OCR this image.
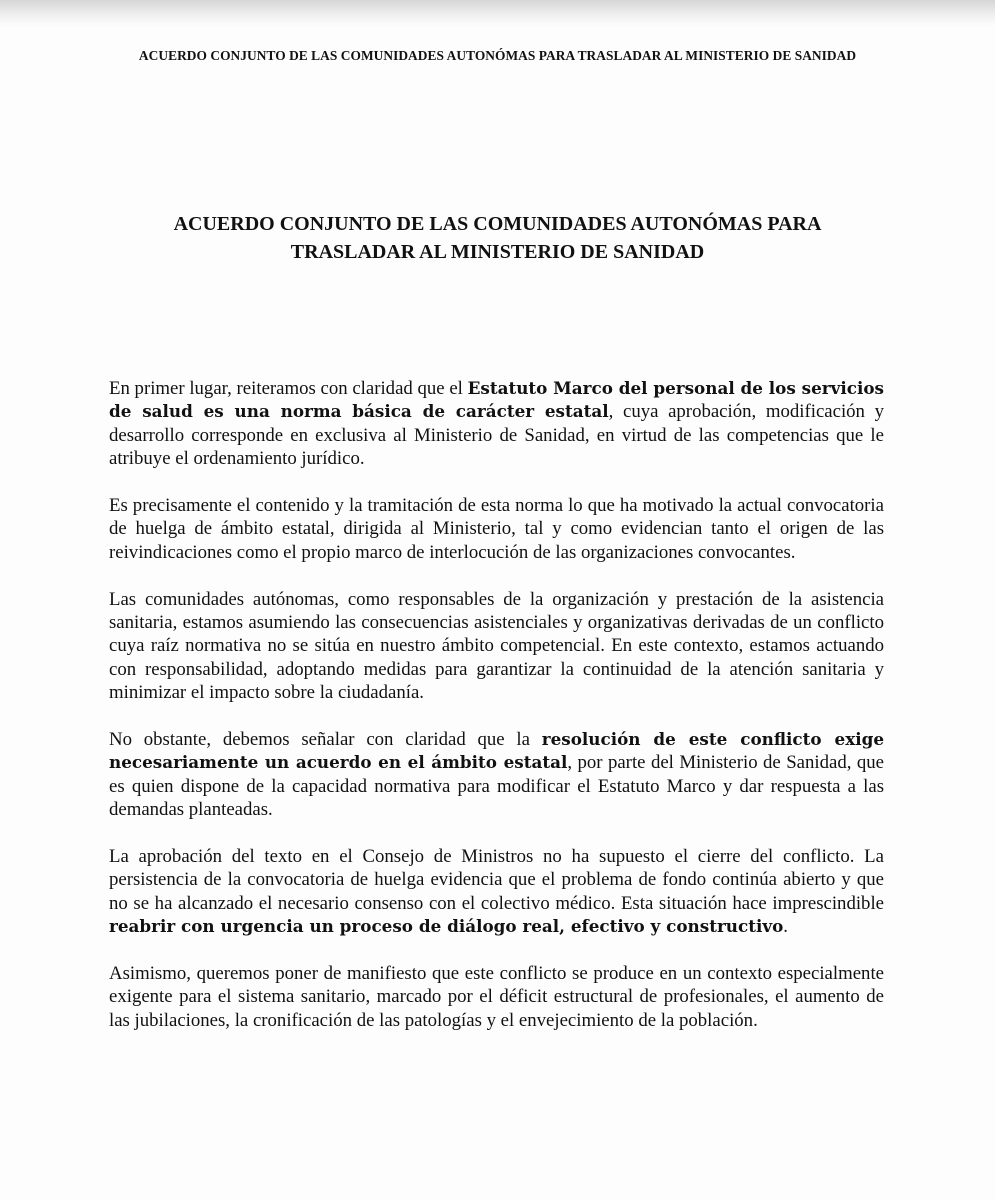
ACUERDO CONJUNTO DE LAS COMUNIDADES AUTONÓMAS PARA TRASLADAR AL MINISTERIO DE SANIDAD
ACUERDO CONJUNTO DE LAS COMUNIDADES AUTONÓMAS PARA
TRASLADAR AL MINISTERIO DE SANIDAD

En primer lugar, reiteramos con claridad que el Estatuto Marco del personal de los servicios de salud es una norma básica de carácter estatal, cuya aprobación, modificación y desarrollo corresponde en exclusiva al Ministerio de Sanidad, en virtud de las competencias que le atribuye el ordenamiento jurídico.

Es precisamente el contenido y la tramitación de esta norma lo que ha motivado la actual convocatoria de huelga de ámbito estatal, dirigida al Ministerio, tal y como evidencian tanto el origen de las reivindicaciones como el propio marco de interlocución de las organizaciones convocantes.

Las comunidades autónomas, como responsables de la organización y prestación de la asistencia sanitaria, estamos asumiendo las consecuencias asistenciales y organizativas derivadas de un conflicto cuya raíz normativa no se sitúa en nuestro ámbito competencial. En este contexto, estamos actuando con responsabilidad, adoptando medidas para garantizar la continuidad de la atención sanitaria y minimizar el impacto sobre la ciudadanía.

No obstante, debemos señalar con claridad que la resolución de este conflicto exige necesariamente un acuerdo en el ámbito estatal, por parte del Ministerio de Sanidad, que es quien dispone de la capacidad normativa para modificar el Estatuto Marco y dar respuesta a las demandas planteadas.

La aprobación del texto en el Consejo de Ministros no ha supuesto el cierre del conflicto. La persistencia de la convocatoria de huelga evidencia que el problema de fondo continúa abierto y que no se ha alcanzado el necesario consenso con el colectivo médico. Esta situación hace imprescindible reabrir con urgencia un proceso de diálogo real, efectivo y constructivo.

Asimismo, queremos poner de manifiesto que este conflicto se produce en un contexto especialmente exigente para el sistema sanitario, marcado por el déficit estructural de profesionales, el aumento de las jubilaciones, la cronificación de las patologías y el envejecimiento de la población.
